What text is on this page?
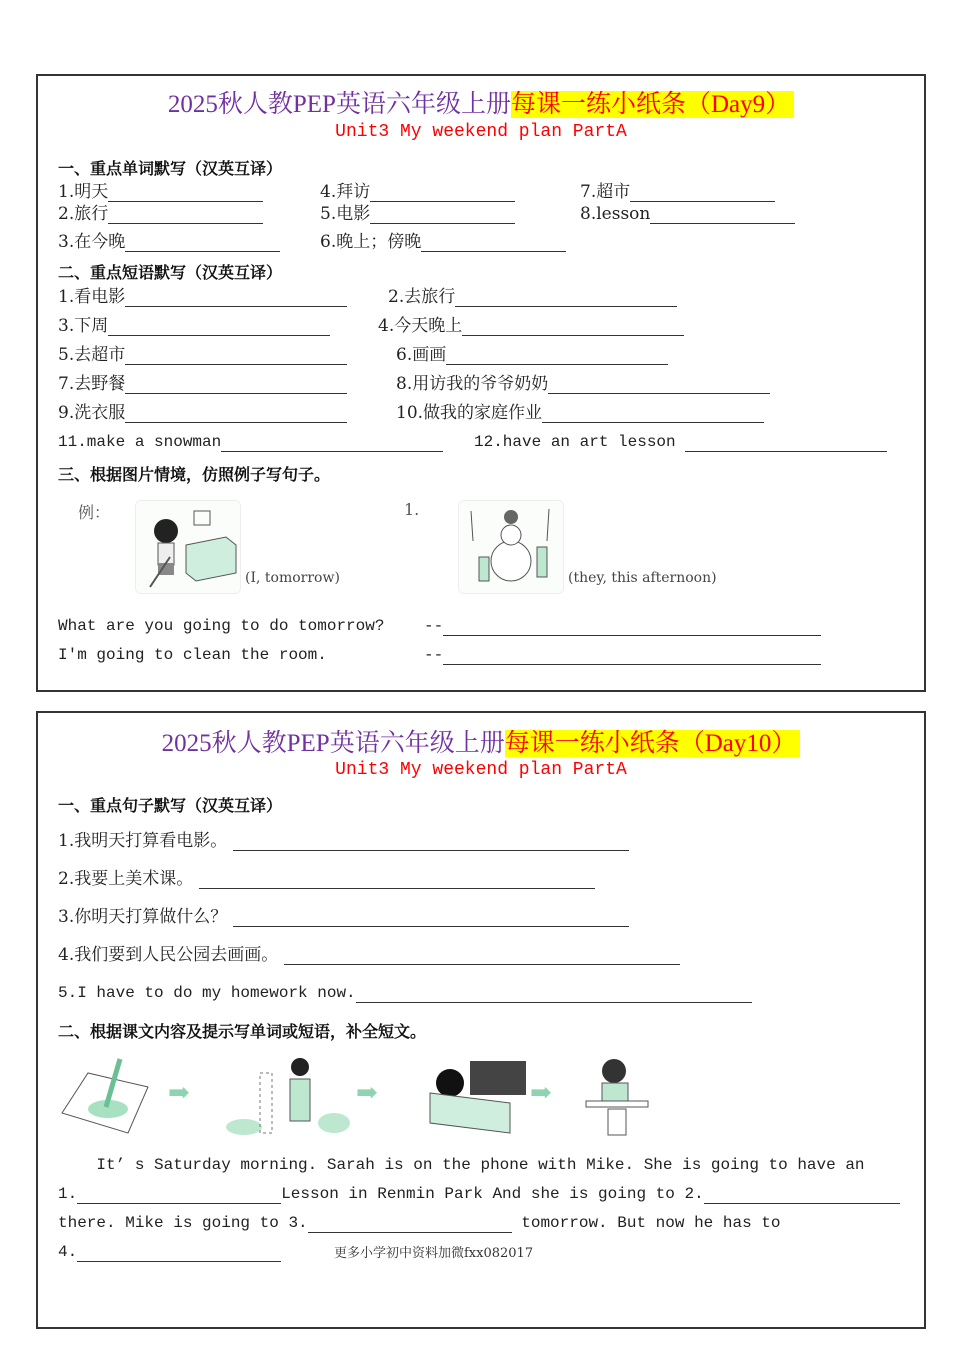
2025秋人教PEP英语六年级上册每课一练小纸条（Day9）
Unit3 My weekend plan PartA
一、重点单词默写（汉英互译）
1.明天	4.拜访	7.超市
2.旅行	5.电影	8.lesson
3.在今晚	6.晚上；傍晚
二、重点短语默写（汉英互译）
1.看电影	2.去旅行
3.下周	4.今天晚上
5.去超市	6.画画
7.去野餐	8.用访我的爷爷奶奶
9.洗衣服	10.做我的家庭作业
11.make a snowman	12.have an art lesson

三、根据图片情境，仿照例子写句子。
例：
(I, tomorrow)
1.
(they, this afternoon)
What are you going to do tomorrow? --
I'm going to clean the room.	--
2025秋人教PEP英语六年级上册每课一练小纸条（Day10）
Unit3 My weekend plan PartA
一、重点句子默写（汉英互译）
1.我明天打算看电影。

2.我要上美术课。

3.你明天打算做什么？

4.我们要到人民公园去画画。

5.I have to do my homework now.
二、根据课文内容及提示写单词或短语，补全短文。
➡	➡	➡
It’ s Saturday morning. Sarah is on the phone with Mike. She is going to have an
1.	Lesson in Renmin Park And she is going to 2.
there. Mike is going to 3.	tomorrow. But now he has to
4.	更多小学初中资料加微fxx082017
